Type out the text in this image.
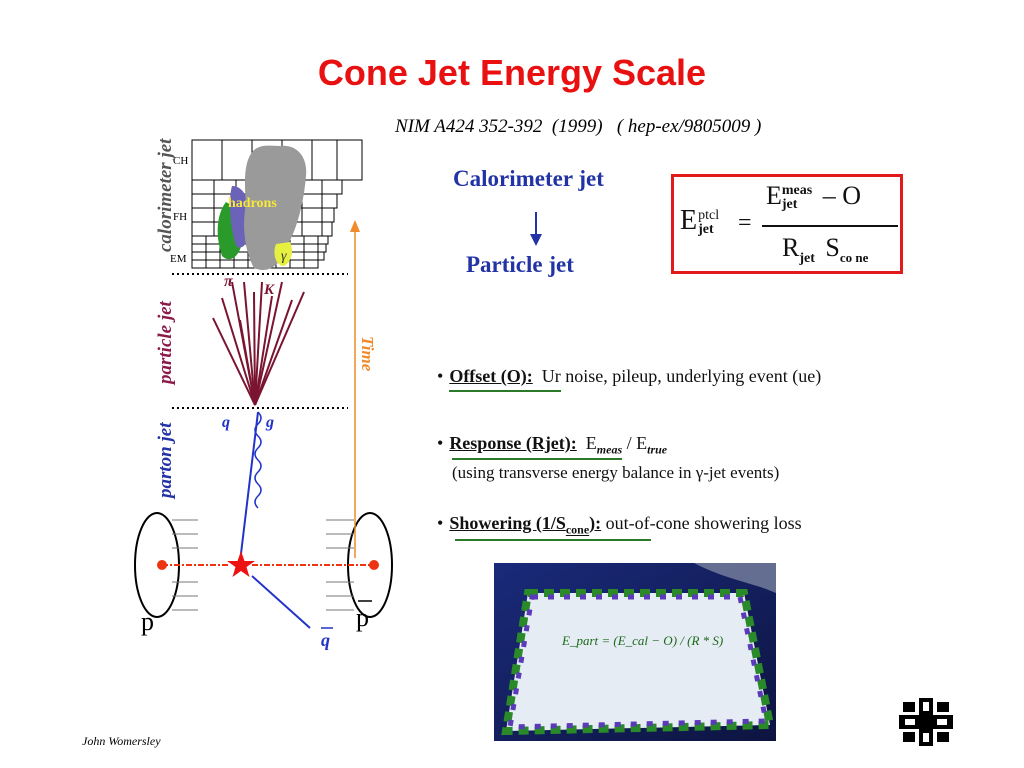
Cone Jet Energy Scale
NIM A424 352-392  (1999)   ( hep-ex/9805009 )
CH
FH
EM
hadrons
γ
π K
q g
q
p	p
Time
calorimeter jet
particle jet
parton jet
Calorimeter jet
Particle jet
E ptcl
jet =
E meas
jet – O
$R_{jet}$ $S_{co ne}$
• Offset (O): Ur noise, pileup, underlying event (ue)
• Response (Rjet): $E_{meas} / E_{true}$
(using transverse energy balance in γ-jet events)
• Showering $(1/S_{cone})$: out-of-cone showering loss
E_part = (E_cal − O) / (R * S)
John Womersley
